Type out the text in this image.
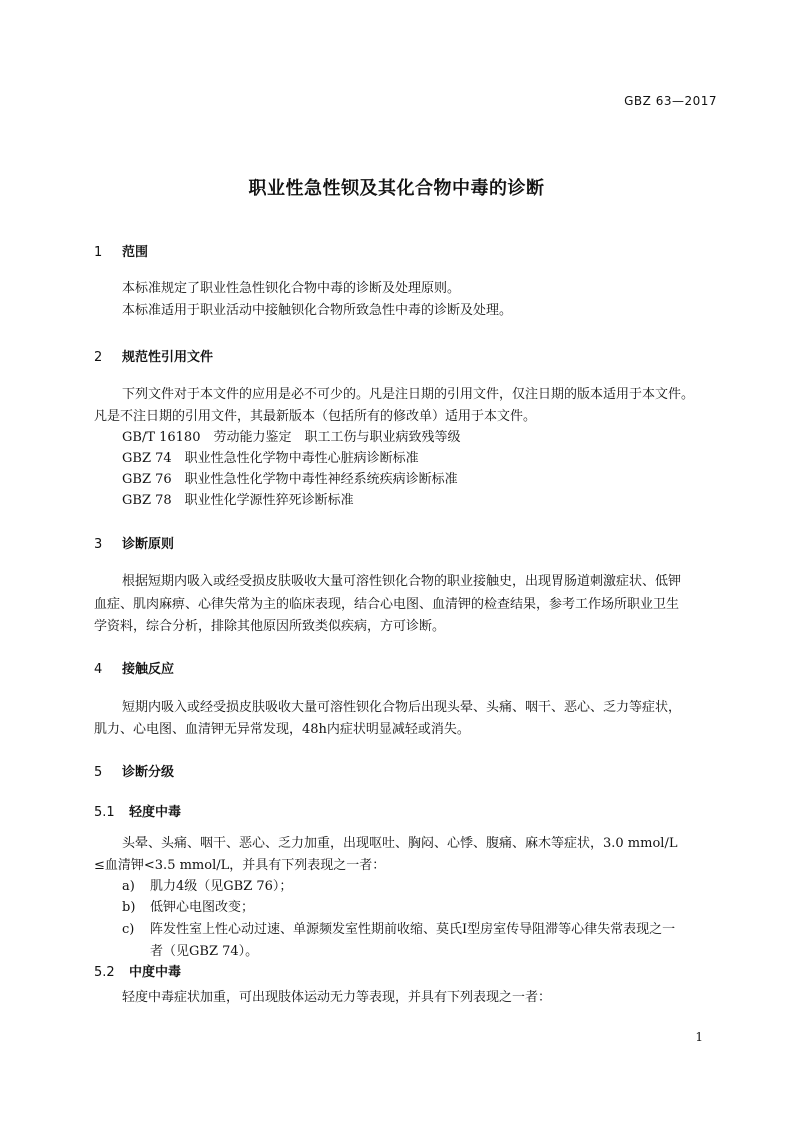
GBZ 63—2017
职业性急性钡及其化合物中毒的诊断
1 范围
本标准规定了职业性急性钡化合物中毒的诊断及处理原则。
本标准适用于职业活动中接触钡化合物所致急性中毒的诊断及处理。
2 规范性引用文件
下列文件对于本文件的应用是必不可少的。凡是注日期的引用文件，仅注日期的版本适用于本文件。
凡是不注日期的引用文件，其最新版本（包括所有的修改单）适用于本文件。
GB/T 16180　劳动能力鉴定　职工工伤与职业病致残等级
GBZ 74　职业性急性化学物中毒性心脏病诊断标准
GBZ 76　职业性急性化学物中毒性神经系统疾病诊断标准
GBZ 78　职业性化学源性猝死诊断标准
3 诊断原则
根据短期内吸入或经受损皮肤吸收大量可溶性钡化合物的职业接触史，出现胃肠道刺激症状、低钾
血症、肌肉麻痹、心律失常为主的临床表现，结合心电图、血清钾的检查结果，参考工作场所职业卫生
学资料，综合分析，排除其他原因所致类似疾病，方可诊断。
4 接触反应
短期内吸入或经受损皮肤吸收大量可溶性钡化合物后出现头晕、头痛、咽干、恶心、乏力等症状，
肌力、心电图、血清钾无异常发现，48h内症状明显减轻或消失。
5 诊断分级
5.1 轻度中毒
头晕、头痛、咽干、恶心、乏力加重，出现呕吐、胸闷、心悸、腹痛、麻木等症状，3.0 mmol/L
≤血清钾<3.5 mmol/L，并具有下列表现之一者：
a) 肌力4级（见GBZ 76）；
b) 低钾心电图改变；
c) 阵发性室上性心动过速、单源频发室性期前收缩、莫氏Ⅰ型房室传导阻滞等心律失常表现之一
者（见GBZ 74）。
5.2 中度中毒
轻度中毒症状加重，可出现肢体运动无力等表现，并具有下列表现之一者：
1
